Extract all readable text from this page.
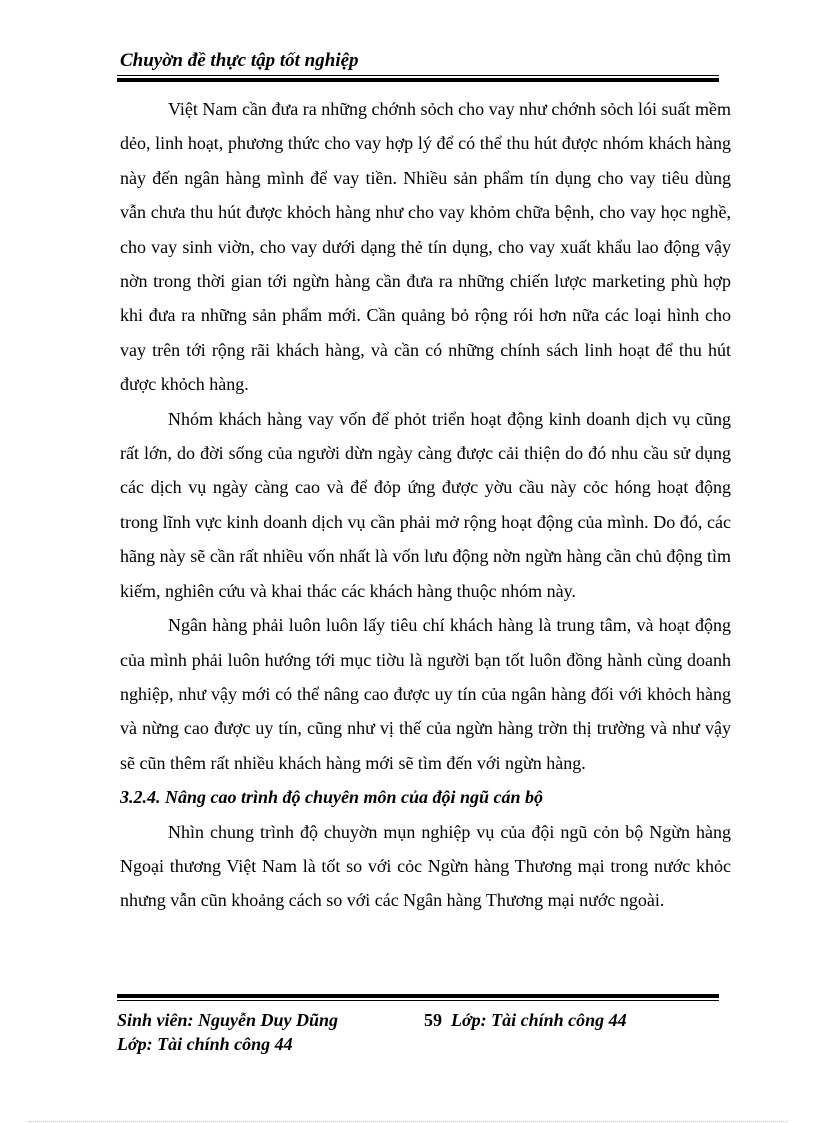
Chuyờn đề thực tập tốt nghiệp

Việt Nam cần đưa ra những chớnh sỏch cho vay như chớnh sỏch lói suất mềm dẻo, linh hoạt, phương thức cho vay hợp lý để có thể thu hút được nhóm khách hàng này đến ngân hàng mình để vay tiền. Nhiều sản phẩm tín dụng cho vay tiêu dùng vẫn chưa thu hút được khỏch hàng như cho vay khỏm chữa bệnh, cho vay học nghề, cho vay sinh viờn, cho vay dưới dạng thẻ tín dụng, cho vay xuất khẩu lao động vậy nờn trong thời gian tới ngừn hàng cần đưa ra những chiến lược marketing phù hợp khi đưa ra những sản phẩm mới. Cần quảng bỏ rộng rói hơn nữa các loại hình cho vay trên tới rộng rãi khách hàng, và cần có những chính sách linh hoạt để thu hút được khỏch hàng.

Nhóm khách hàng vay vốn để phỏt triển hoạt động kinh doanh dịch vụ cũng rất lớn, do đời sống của người dừn ngày càng được cải thiện do đó nhu cầu sử dụng các dịch vụ ngày càng cao và để đỏp ứng được yờu cầu này cỏc hóng hoạt động trong lĩnh vực kinh doanh dịch vụ cần phải mở rộng hoạt động của mình. Do đó, các hãng này sẽ cần rất nhiều vốn nhất là vốn lưu động nờn ngừn hàng cần chủ động tìm kiếm, nghiên cứu và khai thác các khách hàng thuộc nhóm này.

Ngân hàng phải luôn luôn lấy tiêu chí khách hàng là trung tâm, và hoạt động của mình phải luôn hướng tới mục tiờu là người bạn tốt luôn đồng hành cùng doanh nghiệp, như vậy mới có thể nâng cao được uy tín của ngân hàng đối với khỏch hàng và nừng cao được uy tín, cũng như vị thế của ngừn hàng trờn thị trường và như vậy sẽ cũn thêm rất nhiều khách hàng mới sẽ tìm đến với ngừn hàng.

3.2.4. Nâng cao trình độ chuyên môn của đội ngũ cán bộ

Nhìn chung trình độ chuyờn mụn nghiệp vụ của đội ngũ cỏn bộ Ngừn hàng Ngoại thương Việt Nam là tốt so với cỏc Ngừn hàng Thương mại trong nước khỏc nhưng vẫn cũn khoảng cách so với các Ngân hàng Thương mại nước ngoài.

Sinh viên: Nguyễn Duy Dũng	59 Lớp: Tài chính công 44
Lớp: Tài chính công 44
